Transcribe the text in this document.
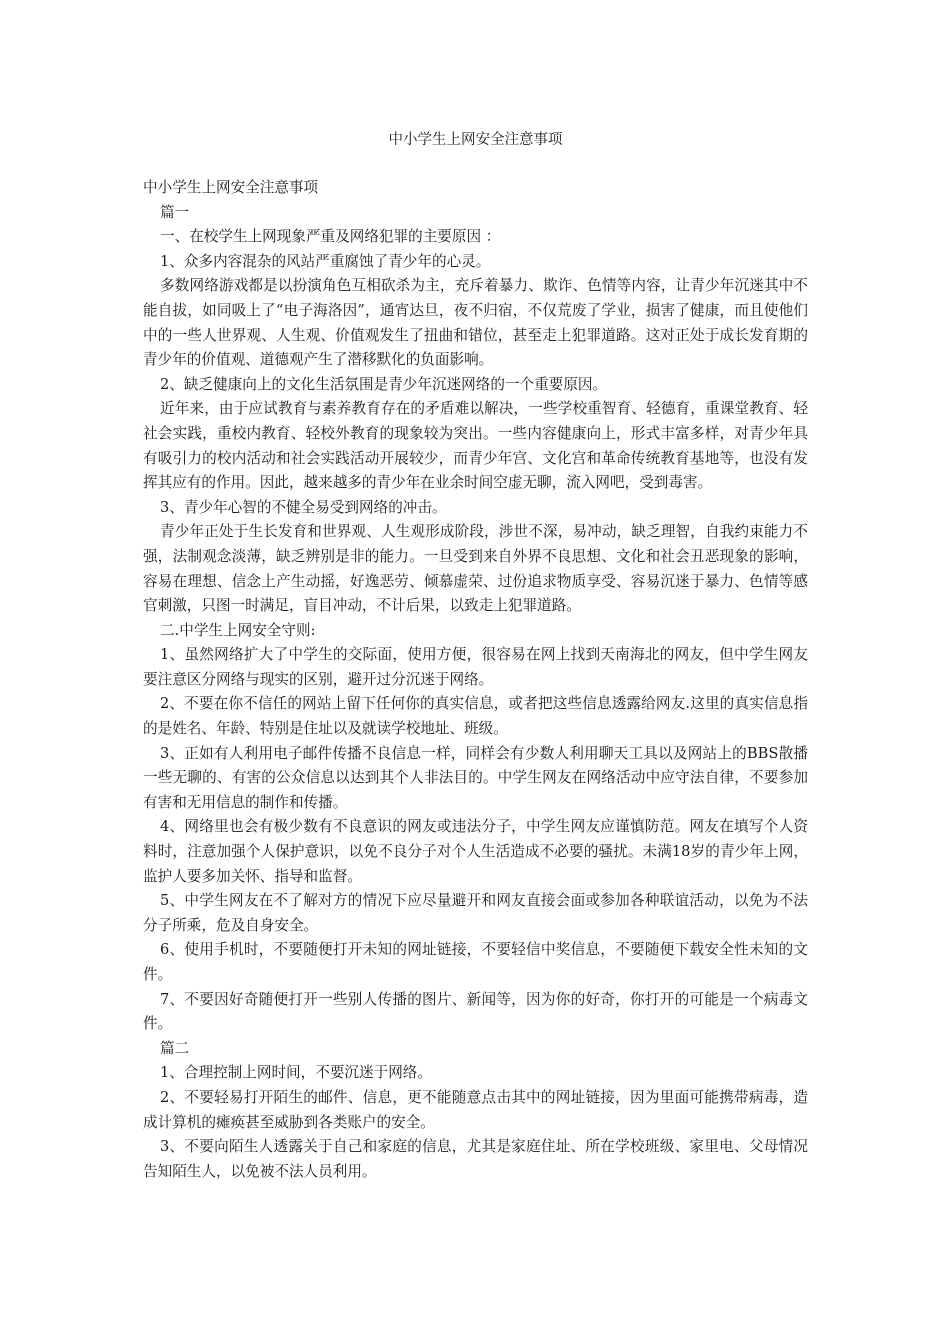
中小学生上网安全注意事项

中小学生上网安全注意事项

篇一

一、在校学生上网现象严重及网络犯罪的主要原因 ：

1、众多内容混杂的风站严重腐蚀了青少年的心灵。

多数网络游戏都是以扮演角色互相砍杀为主，充斥着暴力、欺诈、色情等内容，让青少年沉迷其中不能自拔，如同吸上了“电子海洛因”，通宵达旦，夜不归宿，不仅荒废了学业，损害了健康，而且使他们中的一些人世界观、人生观、价值观发生了扭曲和错位，甚至走上犯罪道路。这对正处于成长发育期的青少年的价值观、道德观产生了潜移默化的负面影响。

2、缺乏健康向上的文化生活氛围是青少年沉迷网络的一个重要原因。

近年来，由于应试教育与素养教育存在的矛盾难以解决，一些学校重智育、轻德育，重课堂教育、轻社会实践，重校内教育、轻校外教育的现象较为突出。一些内容健康向上，形式丰富多样，对青少年具有吸引力的校内活动和社会实践活动开展较少，而青少年宫、文化宫和革命传统教育基地等，也没有发挥其应有的作用。因此，越来越多的青少年在业余时间空虚无聊，流入网吧，受到毒害。

3、青少年心智的不健全易受到网络的冲击。

青少年正处于生长发育和世界观、人生观形成阶段，涉世不深，易冲动，缺乏理智，自我约束能力不强，法制观念淡薄，缺乏辨别是非的能力。一旦受到来自外界不良思想、文化和社会丑恶现象的影响，容易在理想、信念上产生动摇，好逸恶劳、倾慕虚荣、过份追求物质享受、容易沉迷于暴力、色情等感官刺激，只图一时满足，盲目冲动，不计后果，以致走上犯罪道路。

二.中学生上网安全守则:

1、虽然网络扩大了中学生的交际面，使用方便，很容易在网上找到天南海北的网友，但中学生网友要注意区分网络与现实的区别，避开过分沉迷于网络。

2、不要在你不信任的网站上留下任何你的真实信息，或者把这些信息透露给网友.这里的真实信息指的是姓名、年龄、特别是住址以及就读学校地址、班级。

3、正如有人利用电子邮件传播不良信息一样，同样会有少数人利用聊天工具以及网站上的BBS散播一些无聊的、有害的公众信息以达到其个人非法目的。中学生网友在网络活动中应守法自律，不要参加有害和无用信息的制作和传播。

4、网络里也会有极少数有不良意识的网友或违法分子，中学生网友应谨慎防范。网友在填写个人资料时，注意加强个人保护意识，以免不良分子对个人生活造成不必要的骚扰。未满18岁的青少年上网，监护人要多加关怀、指导和监督。

5、中学生网友在不了解对方的情况下应尽量避开和网友直接会面或参加各种联谊活动，以免为不法分子所乘，危及自身安全。

6、使用手机时，不要随便打开未知的网址链接，不要轻信中奖信息，不要随便下载安全性未知的文件。

7、不要因好奇随便打开一些别人传播的图片、新闻等，因为你的好奇，你打开的可能是一个病毒文件。

篇二

1、合理控制上网时间，不要沉迷于网络。

2、不要轻易打开陌生的邮件、信息，更不能随意点击其中的网址链接，因为里面可能携带病毒，造成计算机的瘫痪甚至威胁到各类账户的安全。

3、不要向陌生人透露关于自己和家庭的信息，尤其是家庭住址、所在学校班级、家里电、父母情况告知陌生人，以免被不法人员利用。
